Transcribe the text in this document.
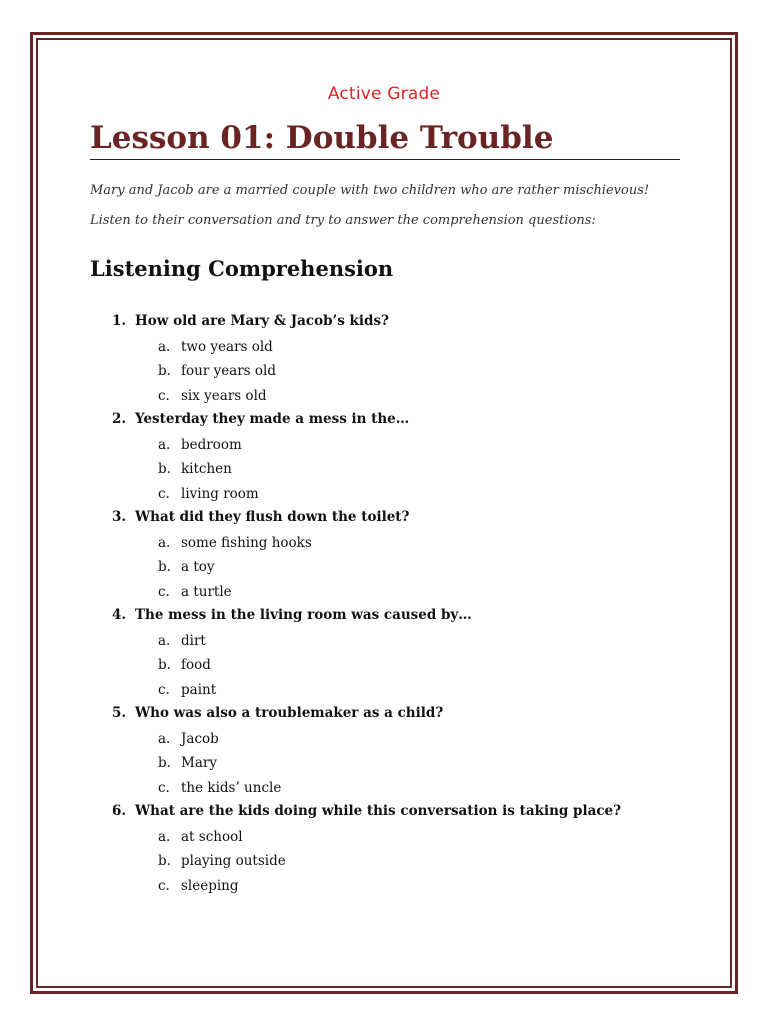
Active Grade
Lesson 01: Double Trouble

Mary and Jacob are a married couple with two children who are rather mischievous!

Listen to their conversation and try to answer the comprehension questions:

Listening Comprehension
1. How old are Mary & Jacob’s kids?
a. two years old
b. four years old
c. six years old
2. Yesterday they made a mess in the…
a. bedroom
b. kitchen
c. living room
3. What did they flush down the toilet?
a. some fishing hooks
b. a toy
c. a turtle
4. The mess in the living room was caused by…
a. dirt
b. food
c. paint
5. Who was also a troublemaker as a child?
a. Jacob
b. Mary
c. the kids’ uncle
6. What are the kids doing while this conversation is taking place?
a. at school
b. playing outside
c. sleeping
